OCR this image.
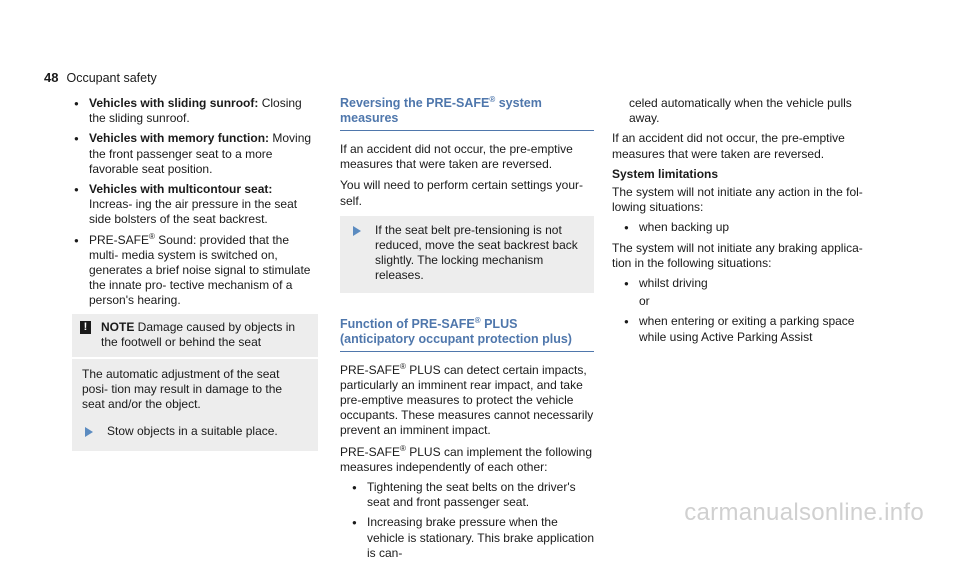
48 Occupant safety
● Vehicles with sliding sunroof: Closing the sliding sunroof.
● Vehicles with memory function: Moving the front passenger seat to a more favorable seat position.
● Vehicles with multicontour seat: Increas- ing the air pressure in the seat side bolsters of the seat backrest.
● PRE-SAFE® Sound: provided that the multi- media system is switched on, generates a brief noise signal to stimulate the innate pro- tective mechanism of a person's hearing.
!	NOTE Damage caused by objects in the footwell or behind the seat

The automatic adjustment of the seat posi- tion may result in damage to the seat and/or the object.

Stow objects in a suitable place.
Reversing the PRE-SAFE® system measures

If an accident did not occur, the pre-emptive measures that were taken are reversed.

You will need to perform certain settings your- self.

If the seat belt pre-tensioning is not reduced, move the seat backrest back slightly. The locking mechanism releases.
Function of PRE-SAFE® PLUS (anticipatory occupant protection plus)

PRE-SAFE® PLUS can detect certain impacts, particularly an imminent rear impact, and take pre-emptive measures to protect the vehicle occupants. These measures cannot necessarily prevent an imminent impact.

PRE-SAFE® PLUS can implement the following measures independently of each other:

● Tightening the seat belts on the driver's seat and front passenger seat.
● Increasing brake pressure when the vehicle is stationary. This brake application is can-
celed automatically when the vehicle pulls away.

If an accident did not occur, the pre-emptive measures that were taken are reversed.

System limitations

The system will not initiate any action in the fol- lowing situations:

● when backing up

The system will not initiate any braking applica- tion in the following situations:

● whilst driving
or
● when entering or exiting a parking space while using Active Parking Assist
carmanualsonline.info
